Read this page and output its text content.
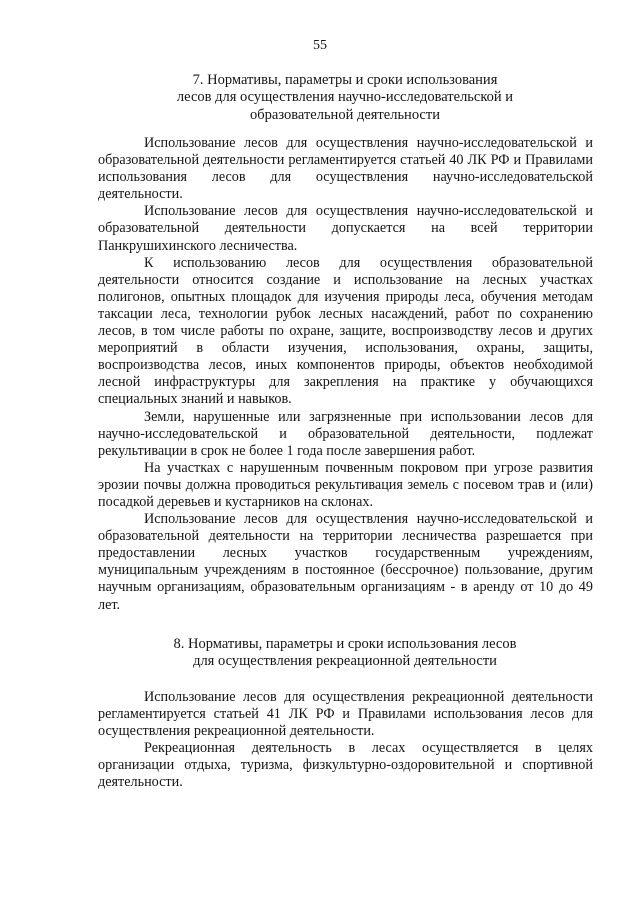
55
7. Нормативы, параметры и сроки использования
лесов для осуществления научно-исследовательской и
образовательной деятельности

Использование лесов для осуществления научно-исследовательской и образовательной деятельности регламентируется статьей 40 ЛК РФ и Правилами использования лесов для осуществления научно-исследовательской деятельности.

Использование лесов для осуществления научно-исследовательской и образовательной деятельности допускается на всей территории Панкрушихинского лесничества.

К использованию лесов для осуществления образовательной деятельности относится создание и использование на лесных участках полигонов, опытных площадок для изучения природы леса, обучения методам таксации леса, технологии рубок лесных насаждений, работ по сохранению лесов, в том числе работы по охране, защите, воспроизводству лесов и других мероприятий в области изучения, использования, охраны, защиты, воспроизводства лесов, иных компонентов природы, объектов необходимой лесной инфраструктуры для закрепления на практике у обучающихся специальных знаний и навыков.

Земли, нарушенные или загрязненные при использовании лесов для научно-исследовательской и образовательной деятельности, подлежат рекультивации в срок не более 1 года после завершения работ.

На участках с нарушенным почвенным покровом при угрозе развития эрозии почвы должна проводиться рекультивация земель с посевом трав и (или) посадкой деревьев и кустарников на склонах.

Использование лесов для осуществления научно-исследовательской и образовательной деятельности на территории лесничества разрешается при предоставлении лесных участков государственным учреждениям, муниципальным учреждениям в постоянное (бессрочное) пользование, другим научным организациям, образовательным организациям - в аренду от 10 до 49 лет.

8. Нормативы, параметры и сроки использования лесов
для осуществления рекреационной деятельности

Использование лесов для осуществления рекреационной деятельности регламентируется статьей 41 ЛК РФ и Правилами использования лесов для осуществления рекреационной деятельности.

Рекреационная деятельность в лесах осуществляется в целях организации отдыха, туризма, физкультурно-оздоровительной и спортивной деятельности.
